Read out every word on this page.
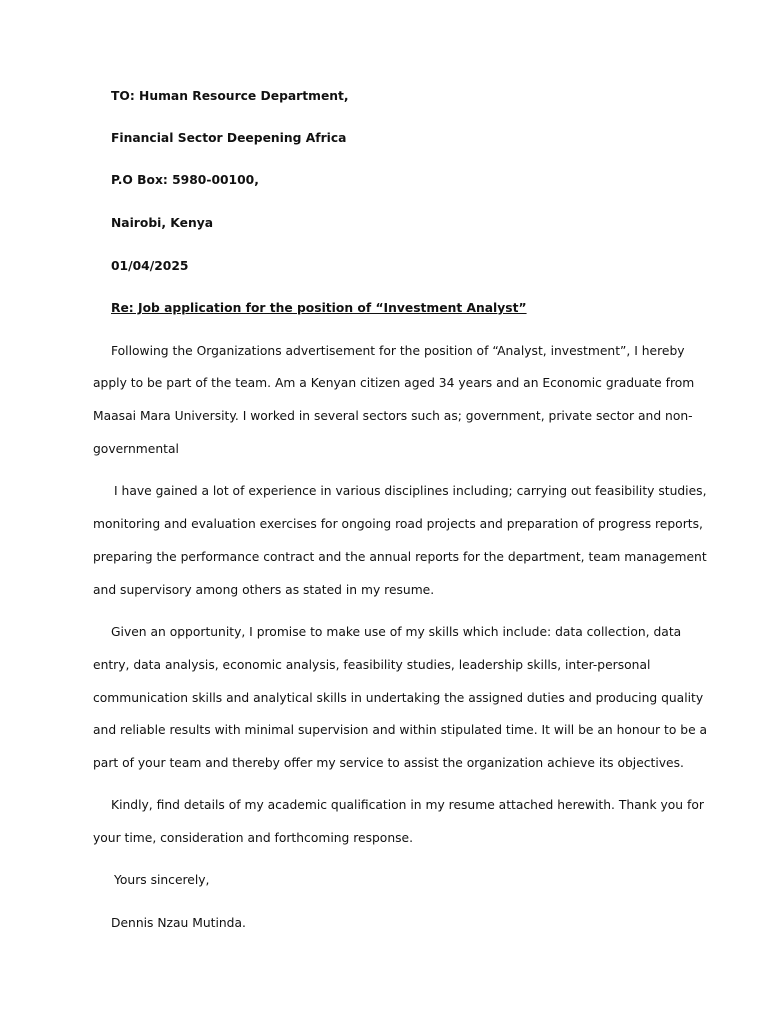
TO: Human Resource Department,
Financial Sector Deepening Africa
P.O Box: 5980-00100,
Nairobi, Kenya
01/04/2025
Re: Job application for the position of “Investment Analyst”
Following the Organizations advertisement for the position of “Analyst, investment”, I hereby
apply to be part of the team. Am a Kenyan citizen aged 34 years and an Economic graduate from
Maasai Mara University. I worked in several sectors such as; government, private sector and non-
governmental
I have gained a lot of experience in various disciplines including; carrying out feasibility studies,
monitoring and evaluation exercises for ongoing road projects and preparation of progress reports,
preparing the performance contract and the annual reports for the department, team management
and supervisory among others as stated in my resume.
Given an opportunity, I promise to make use of my skills which include: data collection, data
entry, data analysis, economic analysis, feasibility studies, leadership skills, inter-personal
communication skills and analytical skills in undertaking the assigned duties and producing quality
and reliable results with minimal supervision and within stipulated time. It will be an honour to be a
part of your team and thereby offer my service to assist the organization achieve its objectives.
Kindly, find details of my academic qualification in my resume attached herewith. Thank you for
your time, consideration and forthcoming response.
Yours sincerely,
Dennis Nzau Mutinda.
